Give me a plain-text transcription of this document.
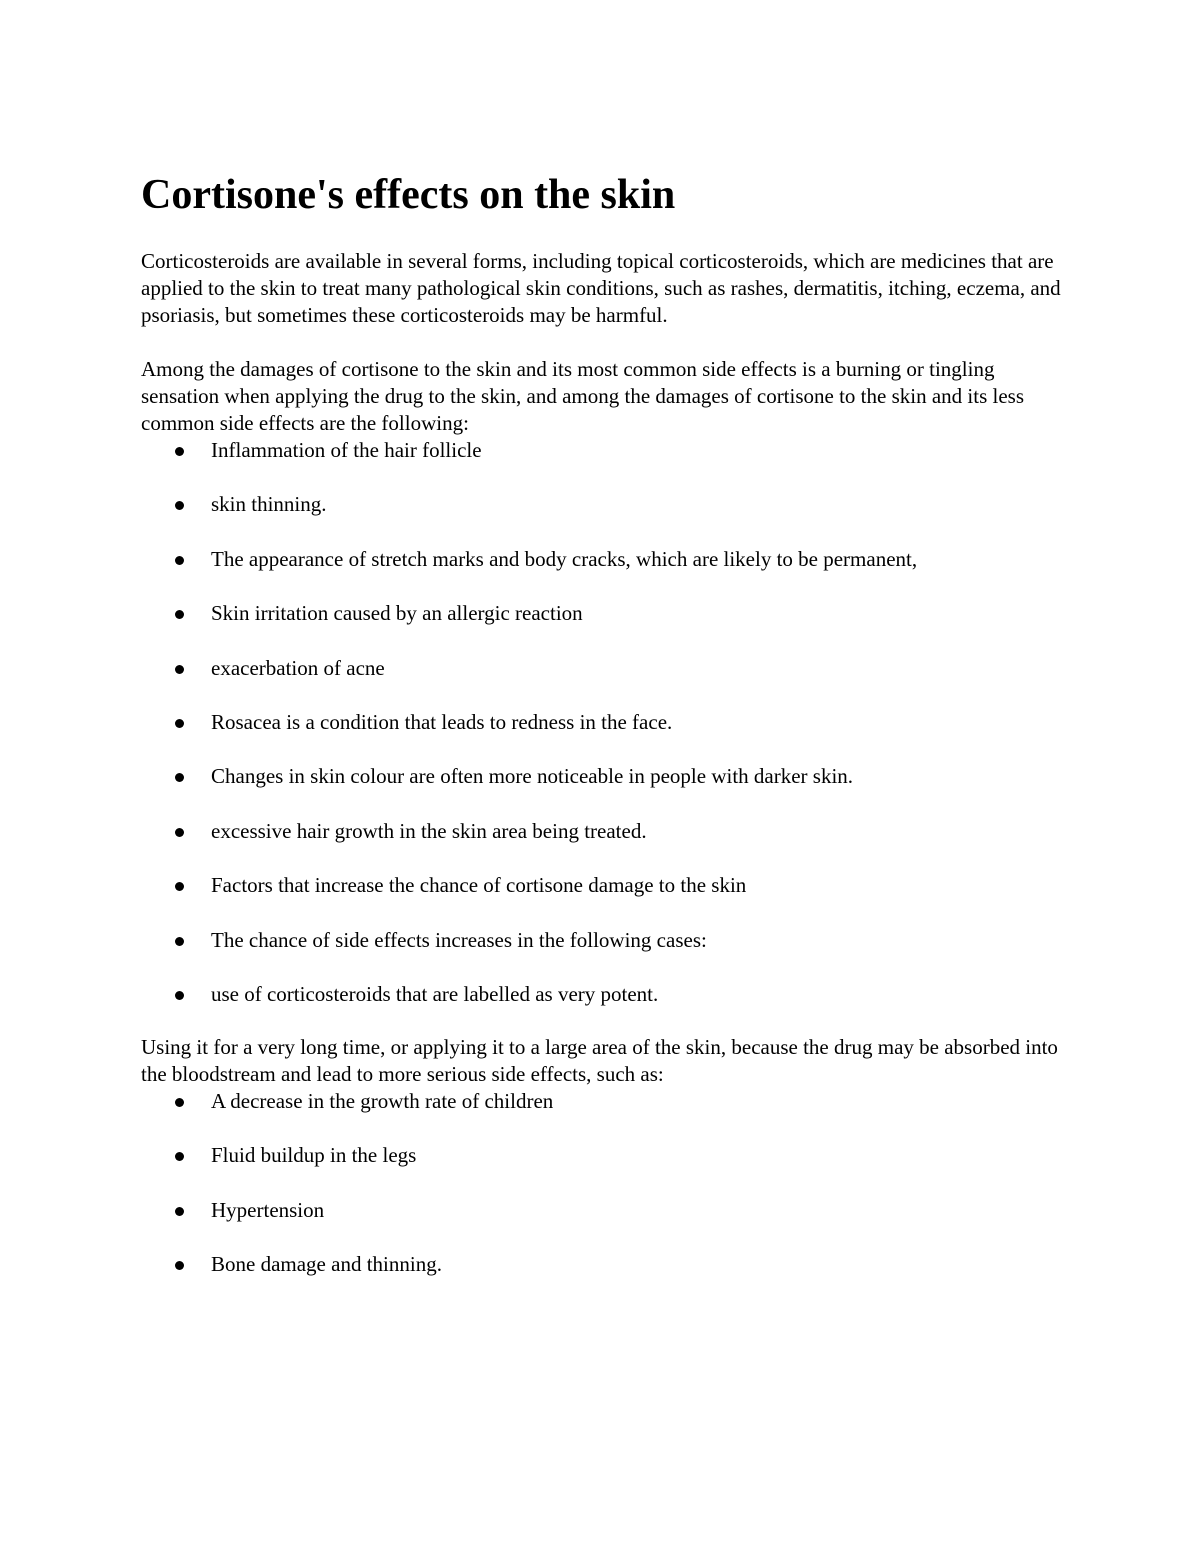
Cortisone's effects on the skin

Corticosteroids are available in several forms, including topical corticosteroids, which are medicines that are applied to the skin to treat many pathological skin conditions, such as rashes, dermatitis, itching, eczema, and psoriasis, but sometimes these corticosteroids may be harmful.

Among the damages of cortisone to the skin and its most common side effects is a burning or tingling sensation when applying the drug to the skin, and among the damages of cortisone to the skin and its less common side effects are the following:

Inflammation of the hair follicle
skin thinning.
The appearance of stretch marks and body cracks, which are likely to be permanent,
Skin irritation caused by an allergic reaction
exacerbation of acne
Rosacea is a condition that leads to redness in the face.
Changes in skin colour are often more noticeable in people with darker skin.
excessive hair growth in the skin area being treated.
Factors that increase the chance of cortisone damage to the skin
The chance of side effects increases in the following cases:
use of corticosteroids that are labelled as very potent.

Using it for a very long time, or applying it to a large area of the skin, because the drug may be absorbed into the bloodstream and lead to more serious side effects, such as:

A decrease in the growth rate of children
Fluid buildup in the legs
Hypertension
Bone damage and thinning.
